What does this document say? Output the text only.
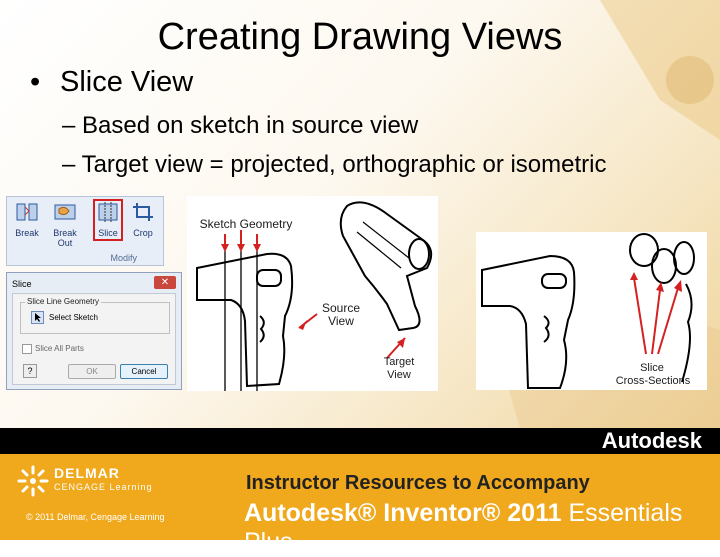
Creating Drawing Views
• Slice View
– Based on sketch in source view
– Target view = projected, orthographic or isometric
Break	Break Out
Slice	Crop
Modify
Slice	✕
Slice Line Geometry
Select Sketch
Slice All Parts
?	OK	Cancel
Sketch Geometry
Source
View
Target
View
Slice
Cross-Sections
Autodesk
DELMAR
CENGAGE Learning
© 2011 Delmar, Cengage Learning
Instructor Resources to Accompany
Autodesk® Inventor® 2011 Essentials Plus
